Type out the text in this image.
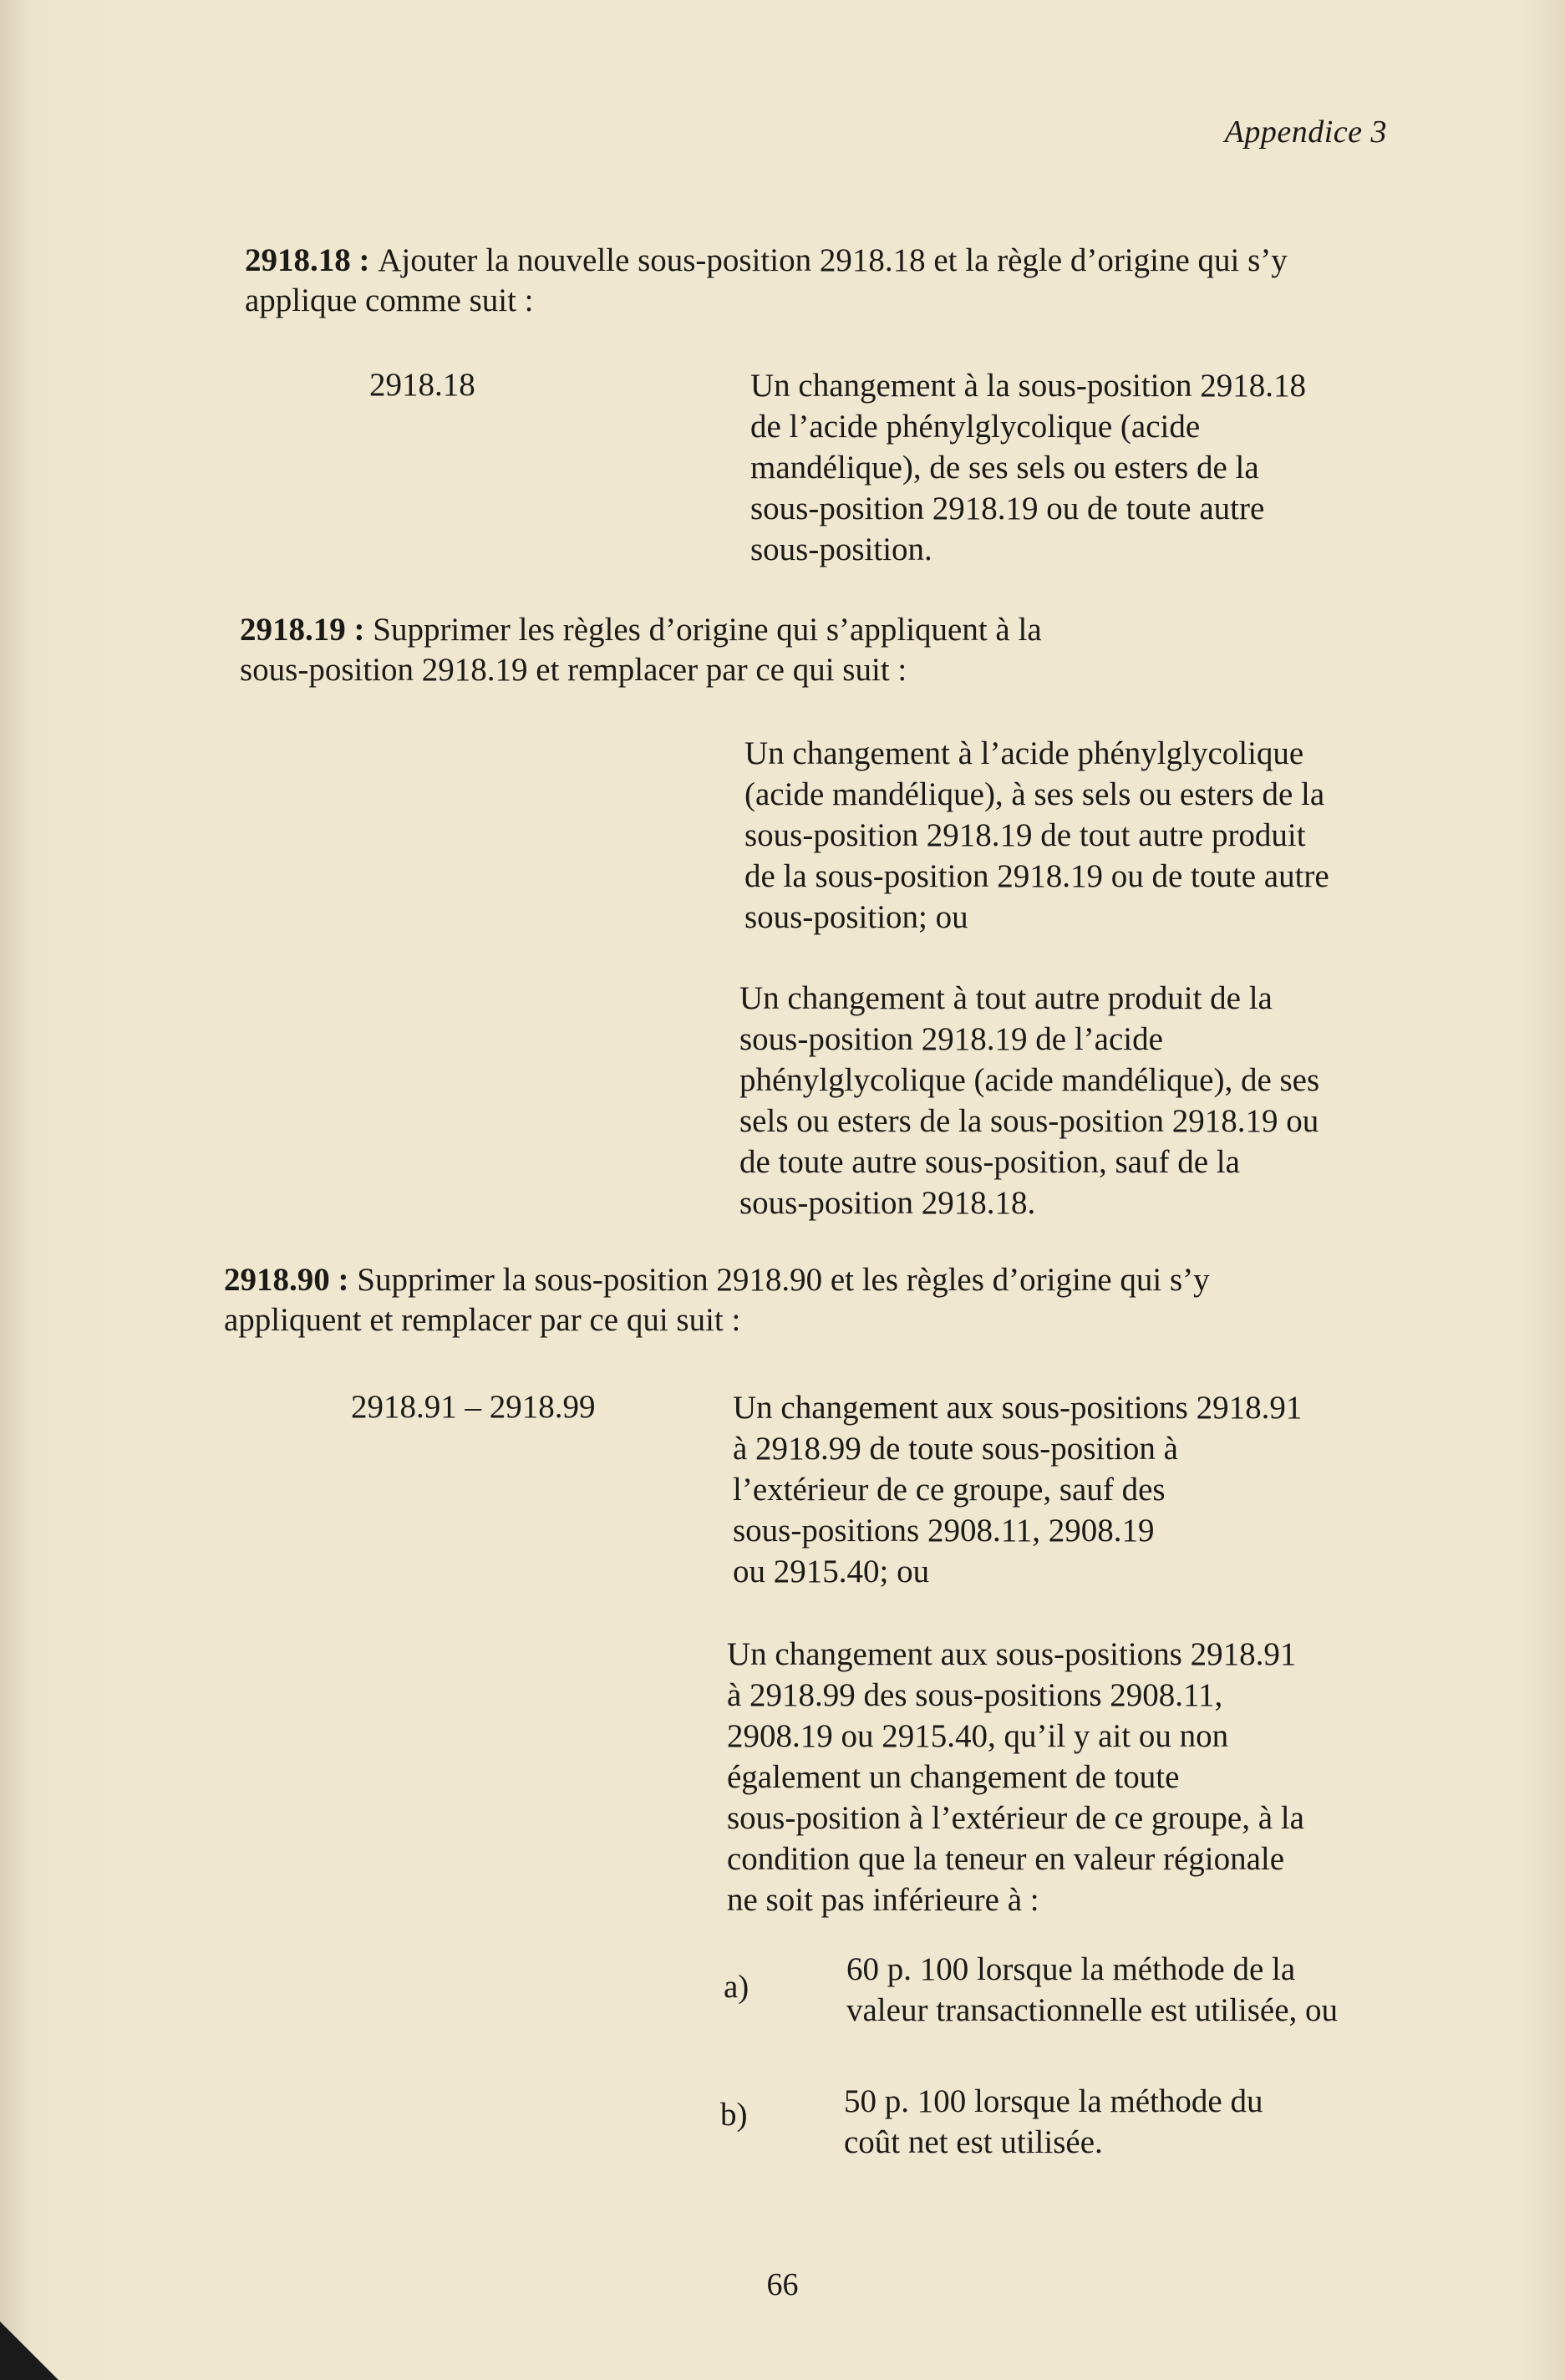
Appendice 3
2918.18 : Ajouter la nouvelle sous-position 2918.18 et la règle d’origine qui s’y
applique comme suit :
2918.18	Un changement à la sous-position 2918.18

de l’acide phénylglycolique (acide

mandélique), de ses sels ou esters de la

sous-position 2918.19 ou de toute autre

sous-position.

2918.19 : Supprimer les règles d’origine qui s’appliquent à la
sous-position 2918.19 et remplacer par ce qui suit :

Un changement à l’acide phénylglycolique

(acide mandélique), à ses sels ou esters de la

sous-position 2918.19 de tout autre produit

de la sous-position 2918.19 ou de toute autre

sous-position; ou

Un changement à tout autre produit de la

sous-position 2918.19 de l’acide

phénylglycolique (acide mandélique), de ses

sels ou esters de la sous-position 2918.19 ou

de toute autre sous-position, sauf de la

sous-position 2918.18.

2918.90 : Supprimer la sous-position 2918.90 et les règles d’origine qui s’y
appliquent et remplacer par ce qui suit :
2918.91 – 2918.99	Un changement aux sous-positions 2918.91

à 2918.99 de toute sous-position à

l’extérieur de ce groupe, sauf des

sous-positions 2908.11, 2908.19

ou 2915.40; ou

Un changement aux sous-positions 2918.91

à 2918.99 des sous-positions 2908.11,

2908.19 ou 2915.40, qu’il y ait ou non

également un changement de toute

sous-position à l’extérieur de ce groupe, à la

condition que la teneur en valeur régionale

ne soit pas inférieure à :

a)	60 p. 100 lorsque la méthode de la
valeur transactionnelle est utilisée, ou
b)	50 p. 100 lorsque la méthode du
coût net est utilisée.
66
